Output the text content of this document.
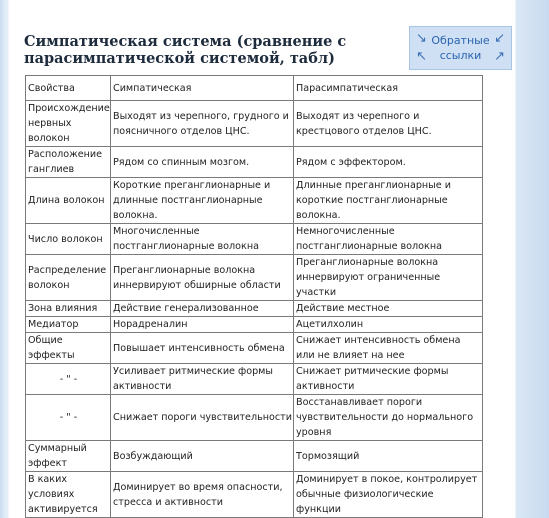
Симпатическая система (сравнение с парасимпатической системой, табл)
↘	↙
↖	↗
Обратные ссылки
Свойства	Симпатическая	Парасимпатическая
Происхождение нервных волокон	Выходят из черепного, грудного и поясничного отделов ЦНС.	Выходят из черепного и крестцового отделов ЦНС.
Расположение ганглиев	Рядом со спинным мозгом.	Рядом с эффектором.
Длина волокон	Короткие преганглионарные и длинные постганглионарные волокна.	Длинные преганглионарные и короткие постганглионарные волокна.
Число волокон	Многочисленные постганглионарные волокна	Немногочисленные постганглионарные волокна
Распределение волокон	Преганглионарные волокна иннервируют обширные области	Преганглионарные волокна иннервируют ограниченные участки
Зона влияния	Действие генерализованное	Действие местное
Медиатор	Норадреналин	Ацетилхолин
Общие эффекты	Повышает интенсивность обмена	Снижает интенсивность обмена или не влияет на нее
- " -	Усиливает ритмические формы активности	Снижает ритмические формы активности
- " -	Снижает пороги чувствительности	Восстанавливает пороги чувствительности до нормального уровня
Суммарный эффект	Возбуждающий	Тормозящий
В каких условиях активируется	Доминирует во время опасности, стресса и активности	Доминирует в покое, контролирует обычные физиологические функции
